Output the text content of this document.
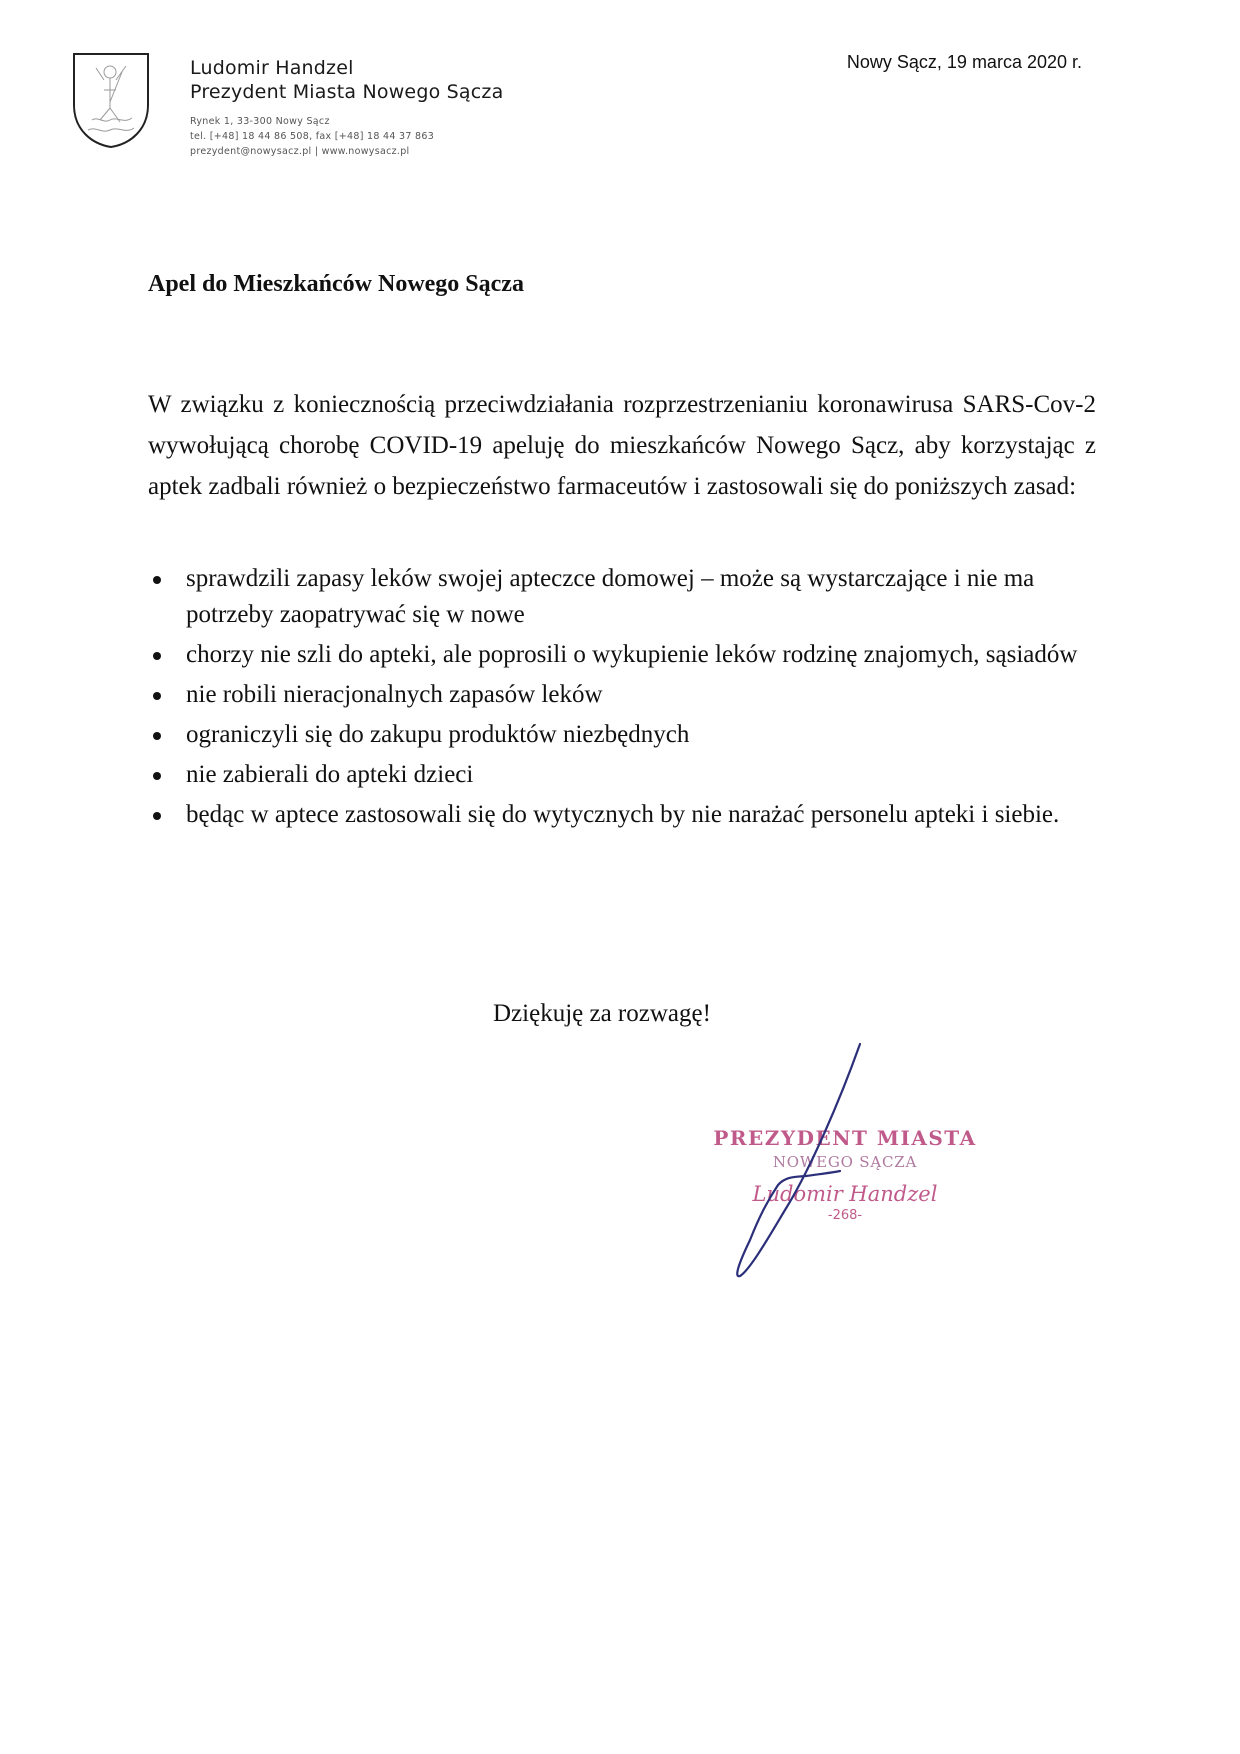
Ludomir Handzel
Prezydent Miasta Nowego Sącza
Rynek 1, 33-300 Nowy Sącz
tel. [+48] 18 44 86 508, fax [+48] 18 44 37 863
prezydent@nowysacz.pl | www.nowysacz.pl
Nowy Sącz, 19 marca 2020 r.
Apel do Mieszkańców Nowego Sącza

W związku z koniecznością przeciwdziałania rozprzestrzenianiu koronawirusa SARS-Cov-2 wywołującą chorobę COVID-19 apeluję do mieszkańców Nowego Sącz, aby korzystając z aptek zadbali również o bezpieczeństwo farmaceutów i zastosowali się do poniższych zasad:

sprawdzili zapasy leków swojej apteczce domowej – może są wystarczające i nie ma potrzeby zaopatrywać się w nowe
chorzy nie szli do apteki, ale poprosili o wykupienie leków rodzinę znajomych, sąsiadów
nie robili nieracjonalnych zapasów leków
ograniczyli się do zakupu produktów niezbędnych
nie zabierali do apteki dzieci
będąc w aptece zastosowali się do wytycznych by nie narażać personelu apteki i siebie.
Dziękuję za rozwagę!
PREZYDENT MIASTA
NOWEGO SĄCZA
Ludomir Handzel
-268-
